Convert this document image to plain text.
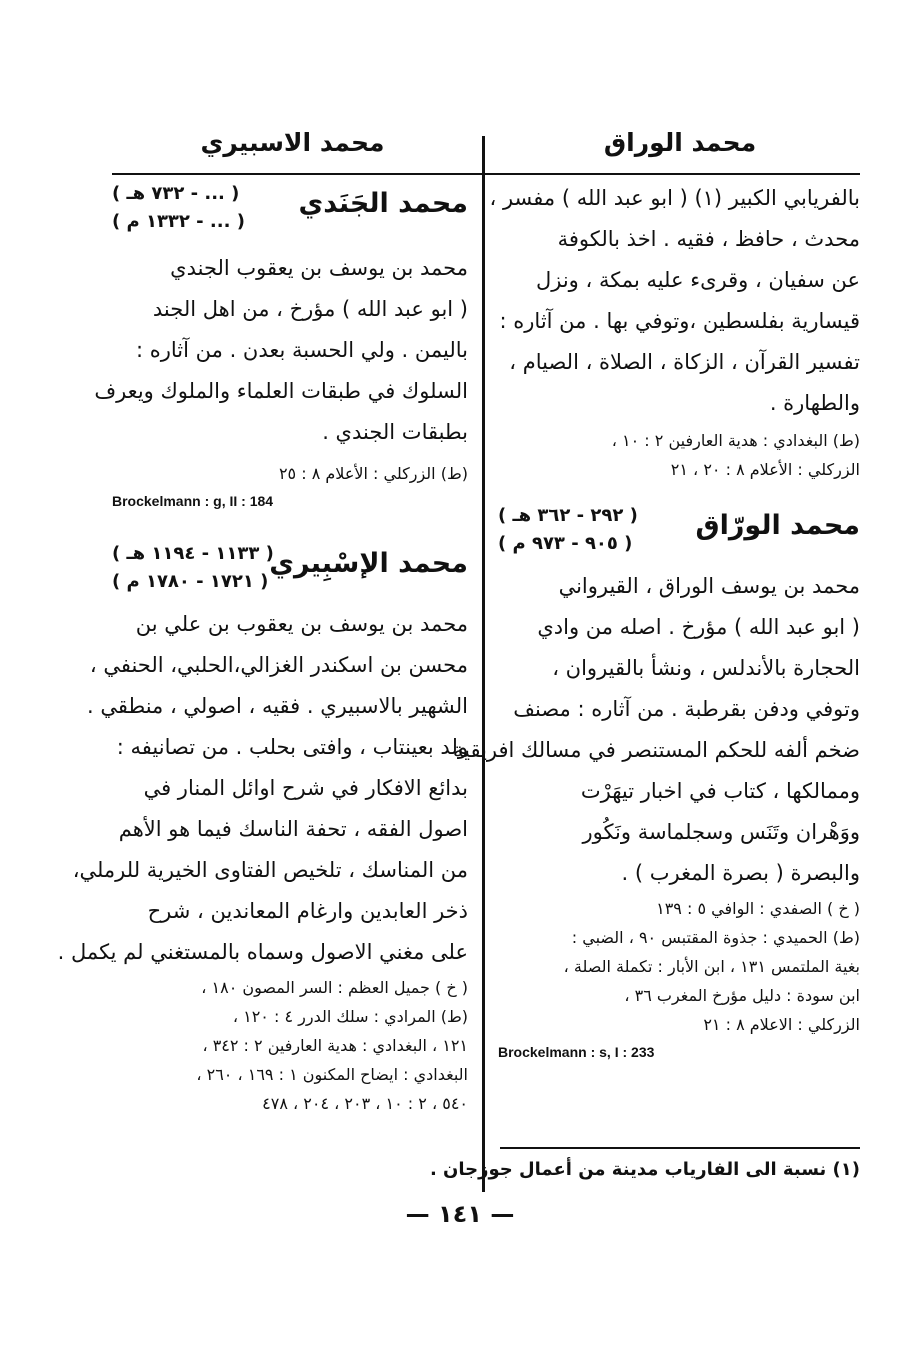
محمد الوراق
محمد الاسبيري
بالفريابي الكبير (١) ( ابو عبد الله ) مفسر ،
محدث ، حافظ ، فقيه . اخذ بالكوفة
عن سفيان ، وقرىء عليه بمكة ، ونزل
قيسارية بفلسطين ،وتوفي بها . من آثاره :
تفسير القرآن ، الزكاة ، الصلاة ، الصيام ،
والطهارة .
(ط) البغدادي : هدية العارفين ٢ : ١٠ ،
الزركلي : الأعلام ٨ : ٢٠ ، ٢١
محمد الورّاق
( ٢٩٢ - ٣٦٢ هـ )
( ٩٠٥ - ٩٧٣ م )
محمد بن يوسف الوراق ، القيرواني
( ابو عبد الله ) مؤرخ . اصله من وادي
الحجارة بالأندلس ، ونشأ بالقيروان ،
وتوفي ودفن بقرطبة . من آثاره : مصنف
ضخم ألفه للحكم المستنصر في مسالك افريقية
وممالكها ، كتاب في اخبار تيهَرْت
ووَهْران وتَنَس وسجلماسة ونَكُور
والبصرة ( بصرة المغرب ) .
( خ ) الصفدي : الوافي ٥ : ١٣٩
(ط) الحميدي : جذوة المقتبس ٩٠ ، الضبي :
بغية الملتمس ١٣١ ، ابن الأبار : تكملة الصلة ،
ابن سودة : دليل مؤرخ المغرب ٣٦ ،
الزركلي : الاعلام ٨ : ٢١
Brockelmann : s, I : 233
محمد الجَنَدي
( ... - ٧٣٢ هـ )
( ... - ١٣٣٢ م )
محمد بن يوسف بن يعقوب الجندي
( ابو عبد الله ) مؤرخ ، من اهل الجند
باليمن . ولي الحسبة بعدن . من آثاره :
السلوك في طبقات العلماء والملوك ويعرف
بطبقات الجندي .
(ط) الزركلي : الأعلام ٨ : ٢٥
Brockelmann : g, II : 184
محمد الإسْبِيري
( ١١٣٣ - ١١٩٤ هـ )
( ١٧٢١ - ١٧٨٠ م )
محمد بن يوسف بن يعقوب بن علي بن
محسن بن اسكندر الغزالي،الحلبي، الحنفي ،
الشهير بالاسبيري . فقيه ، اصولي ، منطقي .
ولد بعينتاب ، وافتى بحلب . من تصانيفه :
بدائع الافكار في شرح اوائل المنار في
اصول الفقه ، تحفة الناسك فيما هو الأهم
من المناسك ، تلخيص الفتاوى الخيرية للرملي،
ذخر العابدين وارغام المعاندين ، شرح
على مغني الاصول وسماه بالمستغني لم يكمل .
( خ ) جميل العظم : السر المصون ١٨٠ ،
(ط) المرادي : سلك الدرر ٤ : ١٢٠ ،
١٢١ ، البغدادي : هدية العارفين ٢ : ٣٤٢ ،
البغدادي : ايضاح المكنون ١ : ١٦٩ ، ٢٦٠ ،
٥٤٠ ، ٢ : ١٠ ، ٢٠٣ ، ٢٠٤ ، ٤٧٨
(١) نسبة الى الفارياب مدينة من أعمال جوزجان .
— ١٤١ —
